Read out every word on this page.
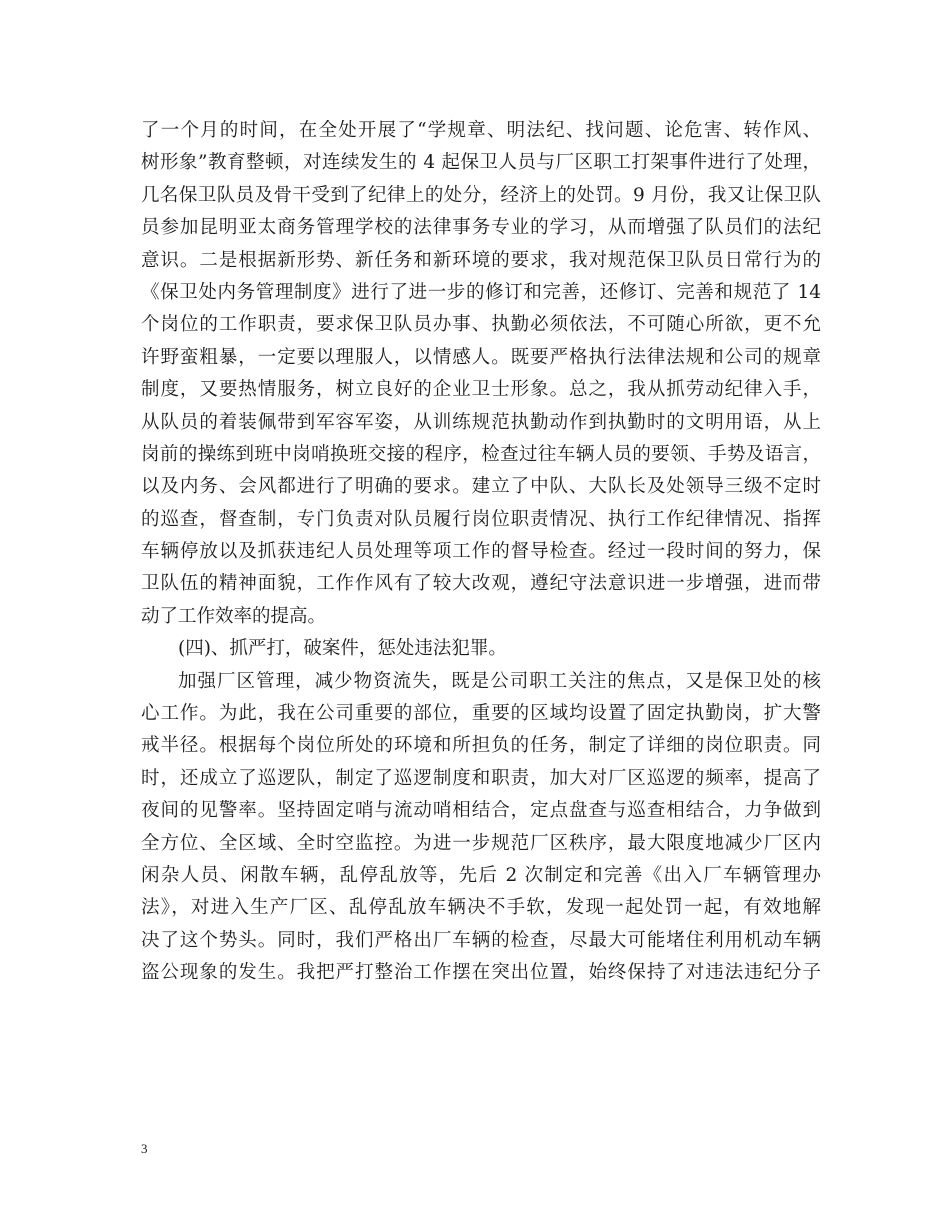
了一个月的时间，在全处开展了“学规章、明法纪、找问题、论危害、转作风、
树形象”教育整顿，对连续发生的 4 起保卫人员与厂区职工打架事件进行了处理，
几名保卫队员及骨干受到了纪律上的处分，经济上的处罚。9 月份，我又让保卫队
员参加昆明亚太商务管理学校的法律事务专业的学习，从而增强了队员们的法纪
意识。二是根据新形势、新任务和新环境的要求，我对规范保卫队员日常行为的
《保卫处内务管理制度》进行了进一步的修订和完善，还修订、完善和规范了 14
个岗位的工作职责，要求保卫队员办事、执勤必须依法，不可随心所欲，更不允
许野蛮粗暴，一定要以理服人，以情感人。既要严格执行法律法规和公司的规章
制度，又要热情服务，树立良好的企业卫士形象。总之，我从抓劳动纪律入手，
从队员的着装佩带到军容军姿，从训练规范执勤动作到执勤时的文明用语，从上
岗前的操练到班中岗哨换班交接的程序，检查过往车辆人员的要领、手势及语言，
以及内务、会风都进行了明确的要求。建立了中队、大队长及处领导三级不定时
的巡查，督查制，专门负责对队员履行岗位职责情况、执行工作纪律情况、指挥
车辆停放以及抓获违纪人员处理等项工作的督导检查。经过一段时间的努力，保
卫队伍的精神面貌，工作作风有了较大改观，遵纪守法意识进一步增强，进而带
动了工作效率的提高。
(四)、抓严打，破案件，惩处违法犯罪。
加强厂区管理，减少物资流失，既是公司职工关注的焦点，又是保卫处的核
心工作。为此，我在公司重要的部位，重要的区域均设置了固定执勤岗，扩大警
戒半径。根据每个岗位所处的环境和所担负的任务，制定了详细的岗位职责。同
时，还成立了巡逻队，制定了巡逻制度和职责，加大对厂区巡逻的频率，提高了
夜间的见警率。坚持固定哨与流动哨相结合，定点盘查与巡查相结合，力争做到
全方位、全区域、全时空监控。为进一步规范厂区秩序，最大限度地减少厂区内
闲杂人员、闲散车辆，乱停乱放等，先后 2 次制定和完善《出入厂车辆管理办
法》，对进入生产厂区、乱停乱放车辆决不手软，发现一起处罚一起，有效地解
决了这个势头。同时，我们严格出厂车辆的检查，尽最大可能堵住利用机动车辆
盗公现象的发生。我把严打整治工作摆在突出位置，始终保持了对违法违纪分子
3
